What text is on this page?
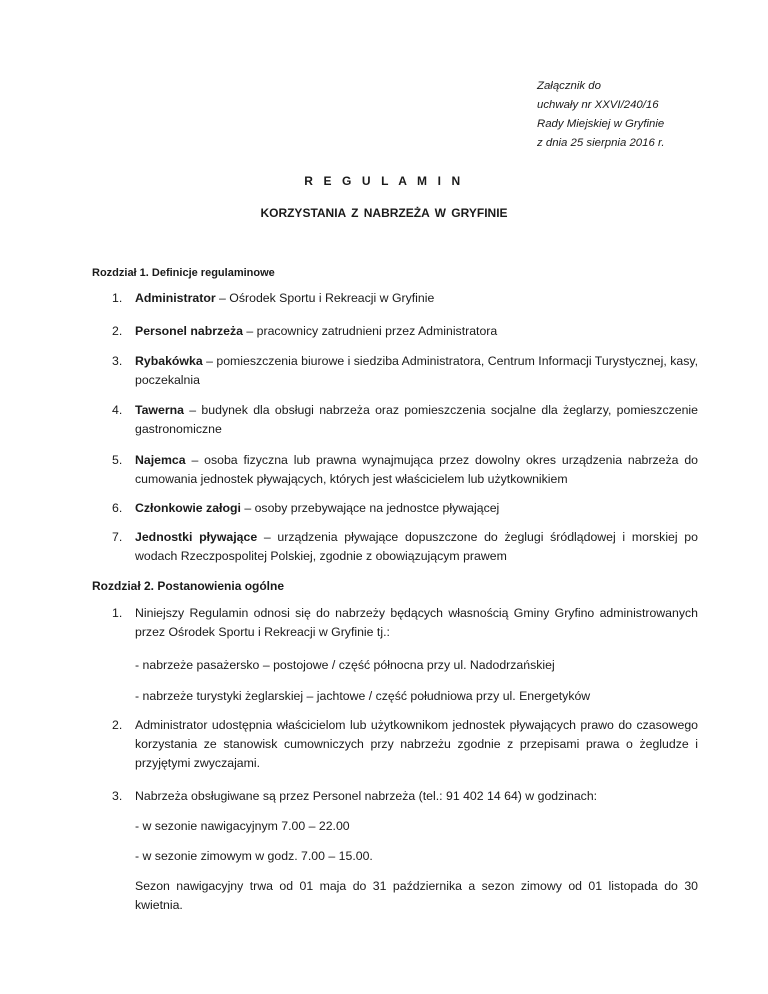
Załącznik do
uchwały nr XXVI/240/16
Rady Miejskiej w Gryfinie
z dnia 25 sierpnia 2016 r.
R E G U L A M I N
KORZYSTANIA Z NABRZEŻA W GRYFINIE
Rozdział 1. Definicje regulaminowe
1. Administrator – Ośrodek Sportu i Rekreacji w Gryfinie
2. Personel nabrzeża – pracownicy zatrudnieni przez Administratora
3. Rybakówka – pomieszczenia biurowe i siedziba Administratora, Centrum Informacji Turystycznej, kasy, poczekalnia
4. Tawerna – budynek dla obsługi nabrzeża oraz pomieszczenia socjalne dla żeglarzy, pomieszczenie gastronomiczne
5. Najemca – osoba fizyczna lub prawna wynajmująca przez dowolny okres urządzenia nabrzeża do cumowania jednostek pływających, których jest właścicielem lub użytkownikiem
6. Członkowie załogi – osoby przebywające na jednostce pływającej
7. Jednostki pływające – urządzenia pływające dopuszczone do żeglugi śródlądowej i morskiej po wodach Rzeczpospolitej Polskiej, zgodnie z obowiązującym prawem
Rozdział 2. Postanowienia ogólne
1. Niniejszy Regulamin odnosi się do nabrzeży będących własnością Gminy Gryfino administrowanych przez Ośrodek Sportu i Rekreacji w Gryfinie tj.:
- nabrzeże pasażersko – postojowe / część północna przy ul. Nadodrzańskiej
- nabrzeże turystyki żeglarskiej – jachtowe / część południowa przy ul. Energetyków
2. Administrator udostępnia właścicielom lub użytkownikom jednostek pływających prawo do czasowego korzystania ze stanowisk cumowniczych przy nabrzeżu zgodnie z przepisami prawa o żegludze i przyjętymi zwyczajami.
3. Nabrzeża obsługiwane są przez Personel nabrzeża (tel.: 91 402 14 64) w godzinach:
- w sezonie nawigacyjnym 7.00 – 22.00
- w sezonie zimowym w godz. 7.00 – 15.00.
Sezon nawigacyjny trwa od 01 maja do 31 października a sezon zimowy od 01 listopada do 30 kwietnia.
